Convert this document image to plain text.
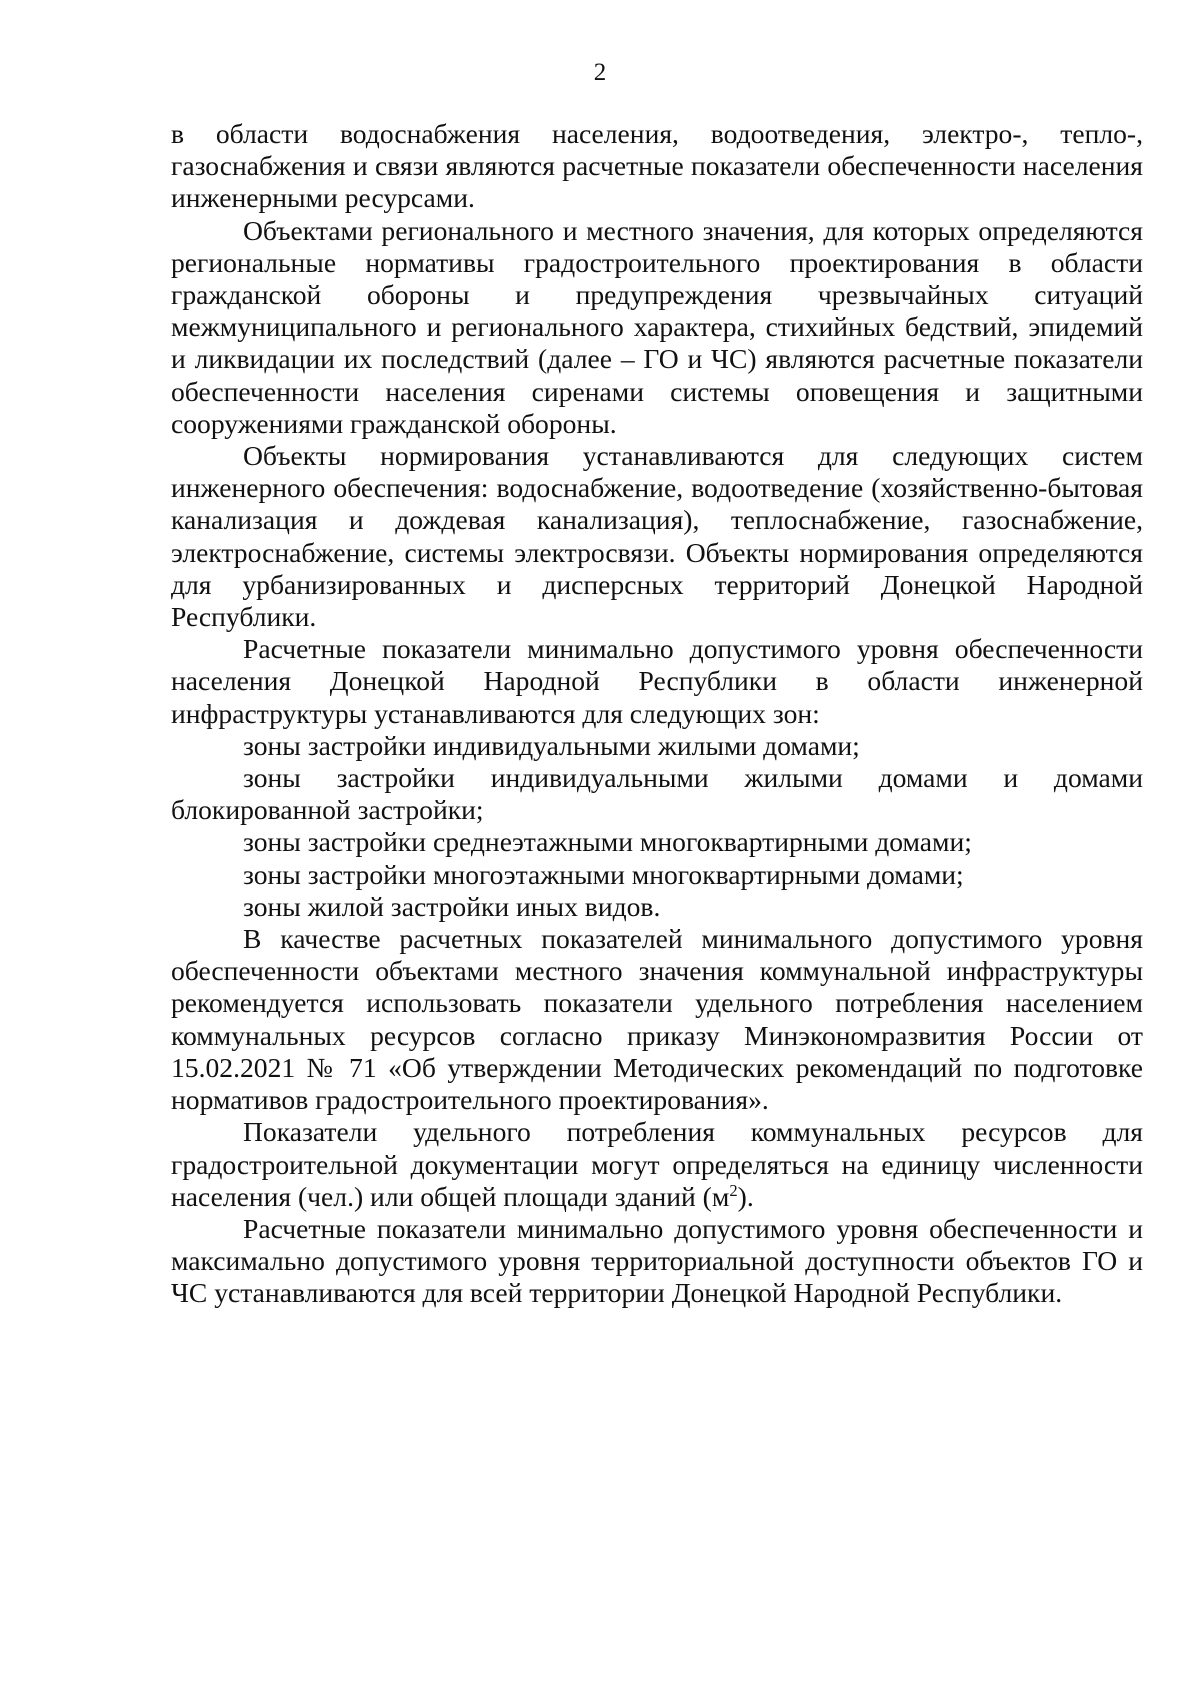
2

в области водоснабжения населения, водоотведения, электро-, тепло-, газоснабжения и связи являются расчетные показатели обеспеченности населения инженерными ресурсами.

Объектами регионального и местного значения, для которых определяются региональные нормативы градостроительного проектирования в области гражданской обороны и предупреждения чрезвычайных ситуаций межмуниципального и регионального характера, стихийных бедствий, эпидемий и ликвидации их последствий (далее – ГО и ЧС) являются расчетные показатели обеспеченности населения сиренами системы оповещения и защитными сооружениями гражданской обороны.

Объекты нормирования устанавливаются для следующих систем инженерного обеспечения: водоснабжение, водоотведение (хозяйственно-бытовая канализация и дождевая канализация), теплоснабжение, газоснабжение, электроснабжение, системы электросвязи. Объекты нормирования определяются для урбанизированных и дисперсных территорий Донецкой Народной Республики.

Расчетные показатели минимально допустимого уровня обеспеченности населения Донецкой Народной Республики в области инженерной инфраструктуры устанавливаются для следующих зон:

зоны застройки индивидуальными жилыми домами;

зоны застройки индивидуальными жилыми домами и домами блокированной застройки;

зоны застройки среднеэтажными многоквартирными домами;

зоны застройки многоэтажными многоквартирными домами;

зоны жилой застройки иных видов.

В качестве расчетных показателей минимального допустимого уровня обеспеченности объектами местного значения коммунальной инфраструктуры рекомендуется использовать показатели удельного потребления населением коммунальных ресурсов согласно приказу Минэкономразвития России от 15.02.2021 № 71 «Об утверждении Методических рекомендаций по подготовке нормативов градостроительного проектирования».

Показатели удельного потребления коммунальных ресурсов для градостроительной документации могут определяться на единицу численности населения (чел.) или общей площади зданий $(м^2)$.

Расчетные показатели минимально допустимого уровня обеспеченности и максимально допустимого уровня территориальной доступности объектов ГО и ЧС устанавливаются для всей территории Донецкой Народной Республики.
